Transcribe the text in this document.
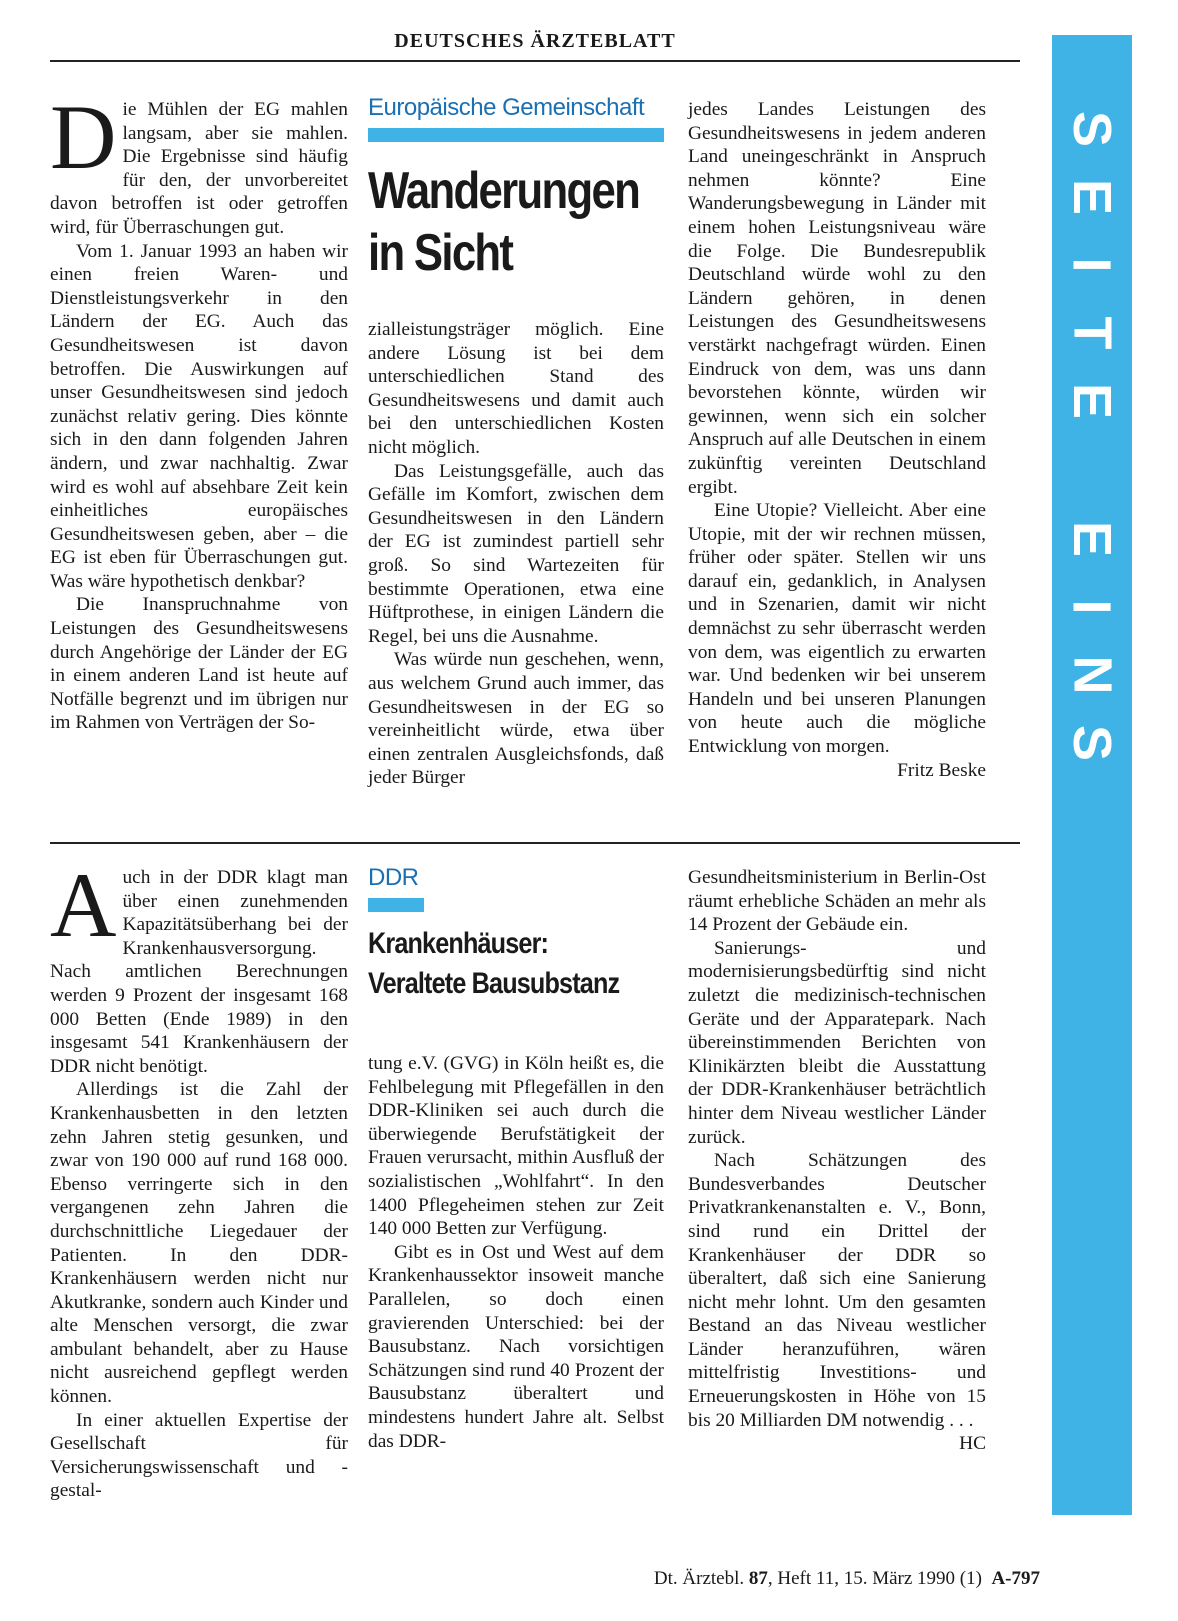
DEUTSCHES ÄRZTEBLATT
S
E
I
T
E
E
I
N
S

Die Mühlen der EG mahlen langsam, aber sie mahlen. Die Ergebnisse sind häufig für den, der unvorbereitet davon betroffen ist oder getroffen wird, für Überraschungen gut.

Vom 1. Januar 1993 an haben wir einen freien Waren- und Dienstleistungsverkehr in den Ländern der EG. Auch das Gesundheitswesen ist davon betroffen. Die Auswirkungen auf unser Gesundheitswesen sind jedoch zunächst relativ gering. Dies könnte sich in den dann folgenden Jahren ändern, und zwar nachhaltig. Zwar wird es wohl auf absehbare Zeit kein einheitliches europäisches Gesundheitswesen geben, aber – die EG ist eben für Überraschungen gut. Was wäre hypothetisch denkbar?

Die Inanspruchnahme von Leistungen des Gesundheitswesens durch Angehörige der Länder der EG in einem anderen Land ist heute auf Notfälle begrenzt und im übrigen nur im Rahmen von Verträgen der So-

Europäische Gemeinschaft
Wanderungen
in Sicht

zialleistungsträger möglich. Eine andere Lösung ist bei dem unterschiedlichen Stand des Gesundheitswesens und damit auch bei den unterschiedlichen Kosten nicht möglich.

Das Leistungsgefälle, auch das Gefälle im Komfort, zwischen dem Gesundheitswesen in den Ländern der EG ist zumindest partiell sehr groß. So sind Wartezeiten für bestimmte Operationen, etwa eine Hüftprothese, in einigen Ländern die Regel, bei uns die Ausnahme.

Was würde nun geschehen, wenn, aus welchem Grund auch immer, das Gesundheitswesen in der EG so vereinheitlicht würde, etwa über einen zentralen Ausgleichsfonds, daß jeder Bürger

jedes Landes Leistungen des Gesundheitswesens in jedem anderen Land uneingeschränkt in Anspruch nehmen könnte? Eine Wanderungsbewegung in Länder mit einem hohen Leistungsniveau wäre die Folge. Die Bundesrepublik Deutschland würde wohl zu den Ländern gehören, in denen Leistungen des Gesundheitswesens verstärkt nachgefragt würden. Einen Eindruck von dem, was uns dann bevorstehen könnte, würden wir gewinnen, wenn sich ein solcher Anspruch auf alle Deutschen in einem zukünftig vereinten Deutschland ergibt.

Eine Utopie? Vielleicht. Aber eine Utopie, mit der wir rechnen müssen, früher oder später. Stellen wir uns darauf ein, gedanklich, in Analysen und in Szenarien, damit wir nicht demnächst zu sehr überrascht werden von dem, was eigentlich zu erwarten war. Und bedenken wir bei unserem Handeln und bei unseren Planungen von heute auch die mögliche Entwicklung von morgen.
Fritz Beske

Auch in der DDR klagt man über einen zunehmenden Kapazitätsüberhang bei der Krankenhausversorgung. Nach amtlichen Berechnungen werden 9 Prozent der insgesamt 168 000 Betten (Ende 1989) in den insgesamt 541 Krankenhäusern der DDR nicht benötigt.

Allerdings ist die Zahl der Krankenhausbetten in den letzten zehn Jahren stetig gesunken, und zwar von 190 000 auf rund 168 000. Ebenso verringerte sich in den vergangenen zehn Jahren die durchschnittliche Liegedauer der Patienten. In den DDR-Krankenhäusern werden nicht nur Akutkranke, sondern auch Kinder und alte Menschen versorgt, die zwar ambulant behandelt, aber zu Hause nicht ausreichend gepflegt werden können.

In einer aktuellen Expertise der Gesellschaft für Versicherungswissenschaft und -gestal-

DDR
Krankenhäuser:
Veraltete Bausubstanz

tung e.V. (GVG) in Köln heißt es, die Fehlbelegung mit Pflegefällen in den DDR-Kliniken sei auch durch die überwiegende Berufstätigkeit der Frauen verursacht, mithin Ausfluß der sozialistischen „Wohlfahrt“. In den 1400 Pflegeheimen stehen zur Zeit 140 000 Betten zur Verfügung.

Gibt es in Ost und West auf dem Krankenhaussektor insoweit manche Parallelen, so doch einen gravierenden Unterschied: bei der Bausubstanz. Nach vorsichtigen Schätzungen sind rund 40 Prozent der Bausubstanz überaltert und mindestens hundert Jahre alt. Selbst das DDR-

Gesundheitsministerium in Berlin-Ost räumt erhebliche Schäden an mehr als 14 Prozent der Gebäude ein.

Sanierungs- und modernisierungsbedürftig sind nicht zuletzt die medizinisch-technischen Geräte und der Apparatepark. Nach übereinstimmenden Berichten von Klinikärzten bleibt die Ausstattung der DDR-Krankenhäuser beträchtlich hinter dem Niveau westlicher Länder zurück.

Nach Schätzungen des Bundesverbandes Deutscher Privatkrankenanstalten e. V., Bonn, sind rund ein Drittel der Krankenhäuser der DDR so überaltert, daß sich eine Sanierung nicht mehr lohnt. Um den gesamten Bestand an das Niveau westlicher Länder heranzuführen, wären mittelfristig Investitions- und Erneuerungskosten in Höhe von 15 bis 20 Milliarden DM notwendig . . .
HC

Dt. Ärztebl. 87, Heft 11, 15. März 1990 (1) A-797
